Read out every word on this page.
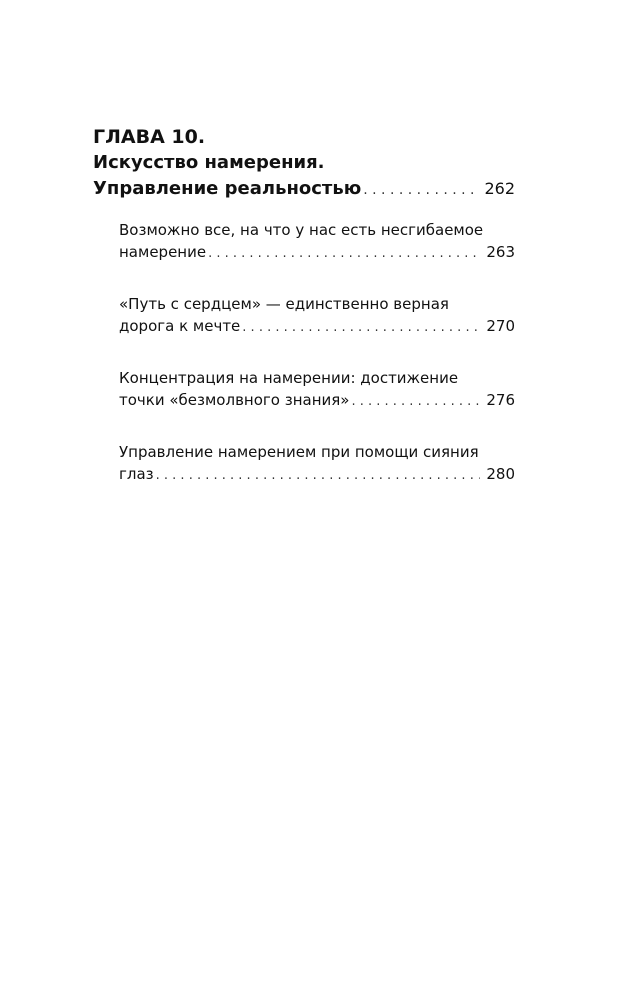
ГЛАВА 10.
Искусство намерения.
Управление реальностью . . .	262
Возможно все, на что у нас есть несгибаемое
намерение . . .	263
«Путь с сердцем» — единственно верная
дорога к мечте . . .	270
Концентрация на намерении: достижение
точки «безмолвного знания» . . .	276
Управление намерением при помощи сияния
глаз . . .	280
